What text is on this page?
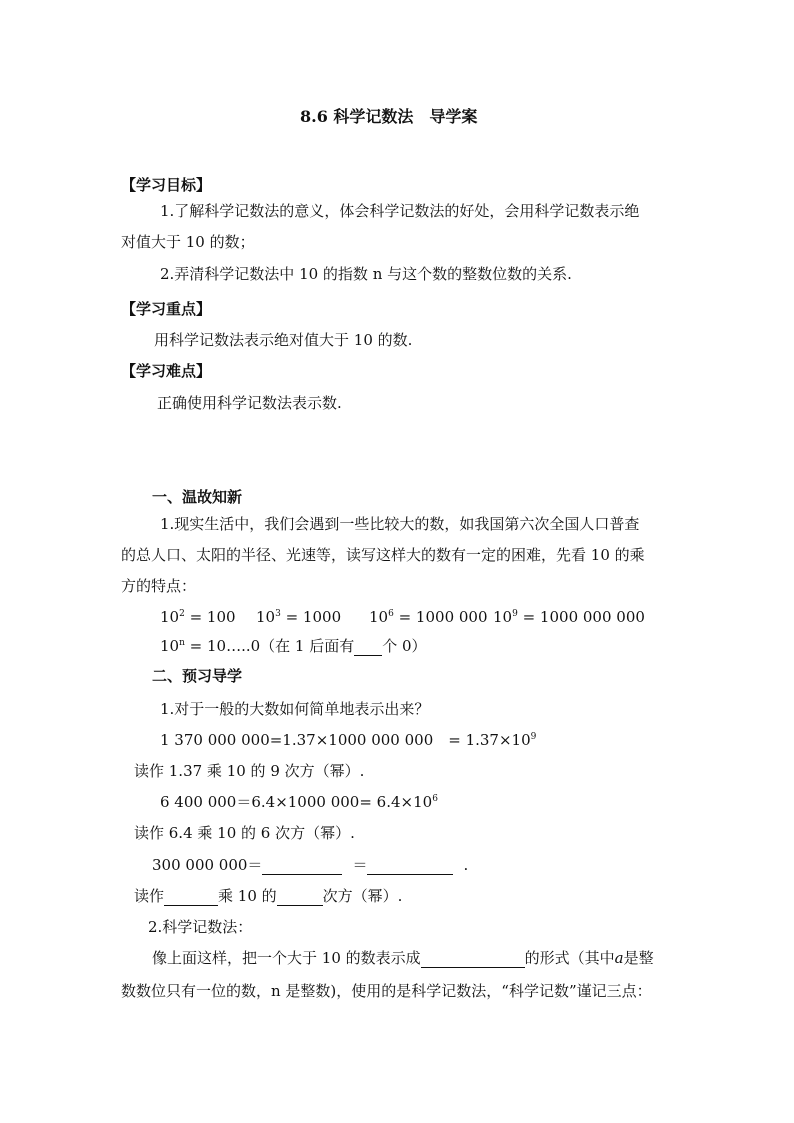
8.6 科学记数法　导学案
【学习目标】
1.了解科学记数法的意义，体会科学记数法的好处，会用科学记数表示绝
对值大于 10 的数；
2.弄清科学记数法中 10 的指数 n 与这个数的整数位数的关系.
【学习重点】
用科学记数法表示绝对值大于 10 的数.
【学习难点】
正确使用科学记数法表示数.
一、温故知新
1.现实生活中，我们会遇到一些比较大的数，如我国第六次全国人口普查
的总人口、太阳的半径、光速等，读写这样大的数有一定的困难，先看 10 的乘
方的特点：
$10^2 = 100$ $10^3 = 1000$ $10^6 = 1000$ 000 $10^9 = 1000$ 000 000
$10^n$ = 10…..0（在 1 后面有 个 0）
二、预习导学
1.对于一般的大数如何简单地表示出来？
1 370 000 000=1.37×1000 000 000　= $1.37\times 10^9$
读作 1.37 乘 10 的 9 次方（幂）.
6 400 000＝6.4×1000 $000= 6.4\times 10^6$
读作 6.4 乘 10 的 6 次方（幂）.
300 000 000＝	＝	.
读作	乘 10 的	次方（幂）.
2.科学记数法：
像上面这样，把一个大于 10 的数表示成	的形式（其中a是整
数数位只有一位的数，n 是整数)，使用的是科学记数法，“科学记数”谨记三点：
